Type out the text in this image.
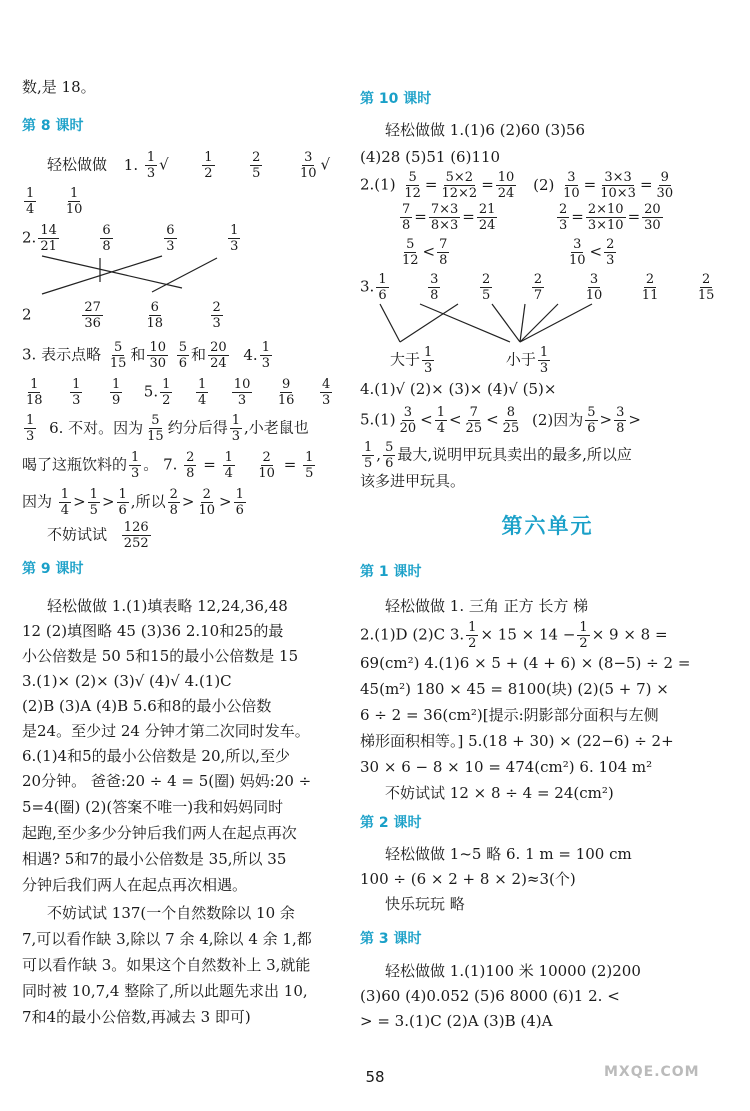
数,是 18。
第 8 课时
轻松做做 1. $\frac{1}{3}$ √ $\frac{1}{2}$
	$\frac{2}{5}$
	$\frac{3}{10}$ √
$\frac{1}{4}$
$\frac{1}{10}$
2. $\frac{14}{21}$
	$\frac{6}{8}$
	$\frac{6}{3}$
	$\frac{1}{3}$
2	$\frac{27}{36}$
	$\frac{6}{18}$
	$\frac{2}{3}$
3. 表示点略 $\frac{5}{15}$ 和 $\frac{10}{30}$
$\frac{5}{6}$ 和 $\frac{20}{24} 4$. $\frac{1}{3}$
$\frac{1}{18}$
$\frac{1}{3}$
$\frac{1}{9} 5$. $\frac{1}{2}$
$\frac{1}{4}$
$\frac{10}{3}$
$\frac{9}{16}$
$\frac{4}{3}$
$\frac{1}{3} 6$. 不对。因为 $\frac{5}{15}$ 约分后得 $\frac{1}{3}$ ,小老鼠也
喝了这瓶饮料的 $\frac{1}{3}$ 。 7. $\frac{2}{8} = \frac{1}{4}$
$\frac{2}{10} = \frac{1}{5}$
因为 $\frac{1}{4} > \frac{1}{5} > \frac{1}{6}$ ,所以 $\frac{2}{8} > \frac{2}{10} > \frac{1}{6}$
不妨试试 $\frac{126}{252}$
第 9 课时
轻松做做 1.(1)填表略 12,24,36,48
12 (2)填图略 45 (3)36 2.10和25的最
小公倍数是 50 5和15的最小公倍数是 15
3.(1)× (2)× (3)√ (4)√ 4.(1)C
(2)B (3)A (4)B 5.6和8的最小公倍数
是24。至少过 24 分钟才第二次同时发车。
6.(1)4和5的最小公倍数是 20,所以,至少
20分钟。 爸爸:20 ÷ 4 = 5(圈) 妈妈:20 ÷
5=4(圈) (2)(答案不唯一)我和妈妈同时
起跑,至少多少分钟后我们两人在起点再次
相遇? 5和7的最小公倍数是 35,所以 35
分钟后我们两人在起点再次相遇。
不妨试试 137(一个自然数除以 10 余
7,可以看作缺 3,除以 7 余 4,除以 4 余 1,都
可以看作缺 3。如果这个自然数补上 3,就能
同时被 10,7,4 整除了,所以此题先求出 10,
7和4的最小公倍数,再减去 3 即可)
第 10 课时
轻松做做 1.(1)6 (2)60 (3)56
(4)28 (5)51 (6)110
$2.(1) \frac{5}{12} = \frac{5\times 2}{12\times 2} = \frac{10}{24} (2) \frac{3}{10} = \frac{3\times 3}{10\times 3} = \frac{9}{30}$
$\frac{7}{8} = \frac{7\times 3}{8\times 3} = \frac{21}{24}$
	$\frac{2}{3} = \frac{2\times 10}{3\times 10} = \frac{20}{30}$
$\frac{5}{12} < \frac{7}{8}$
	$\frac{3}{10} < \frac{2}{3}$
3. $\frac{1}{6}$
	$\frac{3}{8}$
	$\frac{2}{5}$
	$\frac{2}{7}$
	$\frac{3}{10}$
	$\frac{2}{11}$
	$\frac{2}{15}$
大于 $\frac{1}{3}$	小于 $\frac{1}{3}$
4.(1)√ (2)× (3)× (4)√ (5)×
$5.(1) \frac{3}{20} < \frac{1}{4} < \frac{7}{25} < \frac{8}{25} (2)$因为 $\frac{5}{6} > \frac{3}{8}$ >
$\frac{1}{5}$ , $\frac{5}{6}$ 最大,说明甲玩具卖出的最多,所以应
该多进甲玩具。
第六单元
第 1 课时
轻松做做 1. 三角 正方 长方 梯
2.(1)D (2)C 3. $\frac{1}{2} \times 15 \times 14 - \frac{1}{2} \times 9 \times 8$ =
69(cm²) 4.(1)6 × 5 + (4 + 6) × (8−5) ÷ 2 =
45(m²) 180 × 45 = 8100(块) (2)(5 + 7) ×
6 ÷ 2 = 36(cm²)[提示:阴影部分面积与左侧
梯形面积相等。] 5.(18 + 30) × (22−6) ÷ 2+
30 × 6 − 8 × 10 = 474(cm²) 6. 104 m²
不妨试试 12 × 8 ÷ 4 = 24(cm²)
第 2 课时
轻松做做 1~5 略 6. 1 m = 100 cm
100 ÷ (6 × 2 + 8 × 2)≈3(个)
快乐玩玩 略
第 3 课时
轻松做做 1.(1)100 米 10000 (2)200
(3)60 (4)0.052 (5)6 8000 (6)1 2. <
> = 3.(1)C (2)A (3)B (4)A
58	MXQE.COM
